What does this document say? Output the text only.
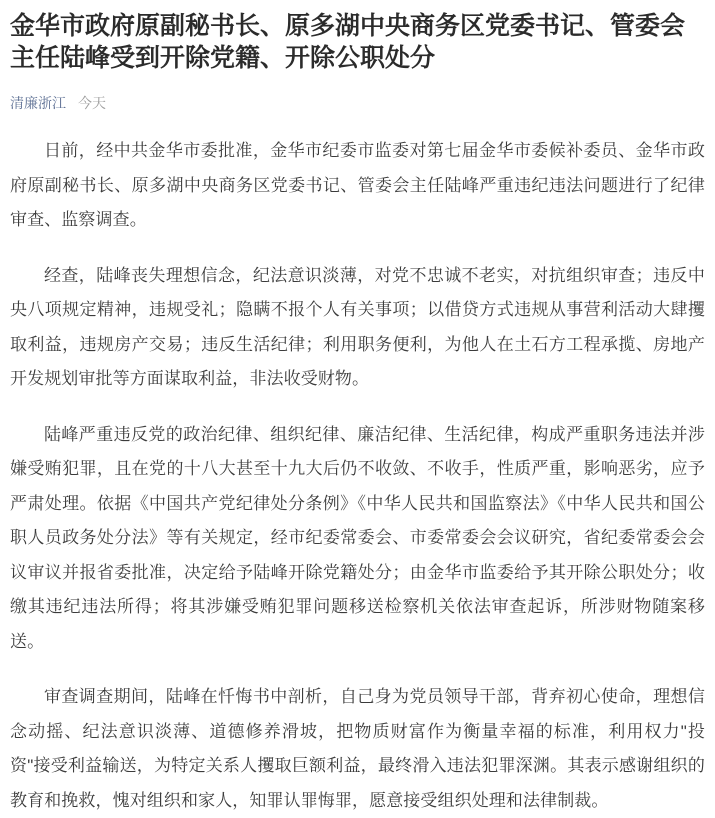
金华市政府原副秘书长、原多湖中央商务区党委书记、管委会主任陆峰受到开除党籍、开除公职处分
清廉浙江 今天

日前，经中共金华市委批准，金华市纪委市监委对第七届金华市委候补委员、金华市政府原副秘书长、原多湖中央商务区党委书记、管委会主任陆峰严重违纪违法问题进行了纪律审查、监察调查。

经查，陆峰丧失理想信念，纪法意识淡薄，对党不忠诚不老实，对抗组织审查；违反中央八项规定精神，违规受礼；隐瞒不报个人有关事项；以借贷方式违规从事营利活动大肆攫取利益，违规房产交易；违反生活纪律；利用职务便利，为他人在土石方工程承揽、房地产开发规划审批等方面谋取利益，非法收受财物。

陆峰严重违反党的政治纪律、组织纪律、廉洁纪律、生活纪律，构成严重职务违法并涉嫌受贿犯罪，且在党的十八大甚至十九大后仍不收敛、不收手，性质严重，影响恶劣，应予严肃处理。依据《中国共产党纪律处分条例》《中华人民共和国监察法》《中华人民共和国公职人员政务处分法》等有关规定，经市纪委常委会、市委常委会会议研究，省纪委常委会会议审议并报省委批准，决定给予陆峰开除党籍处分；由金华市监委给予其开除公职处分；收缴其违纪违法所得；将其涉嫌受贿犯罪问题移送检察机关依法审查起诉，所涉财物随案移送。

审查调查期间，陆峰在忏悔书中剖析，自己身为党员领导干部，背弃初心使命，理想信念动摇、纪法意识淡薄、道德修养滑坡，把物质财富作为衡量幸福的标准，利用权力"投资"接受利益输送，为特定关系人攫取巨额利益，最终滑入违法犯罪深渊。其表示感谢组织的教育和挽救，愧对组织和家人，知罪认罪悔罪，愿意接受组织处理和法律制裁。
